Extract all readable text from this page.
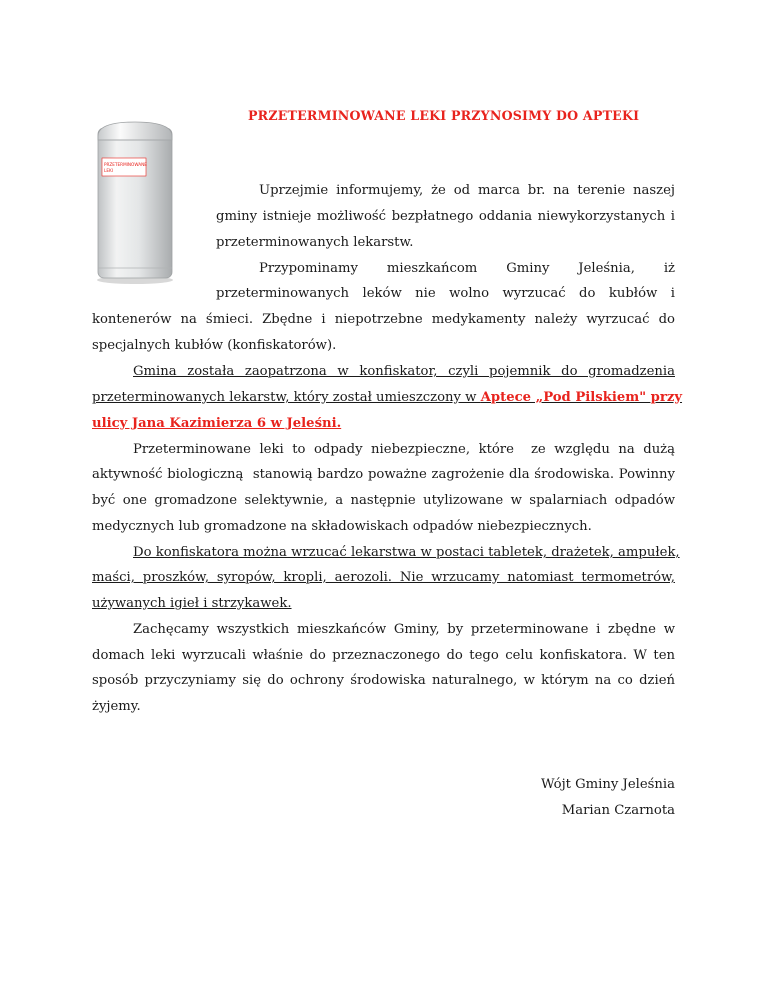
PRZETERMINOWANE LEKI PRZYNOSIMY DO APTEKI
PRZETERMINOWANE
LEKI
Uprzejmie informujemy, że od marca br. na terenie naszej
gminy istnieje możliwość bezpłatnego oddania niewykorzystanych i
przeterminowanych lekarstw.
Przypominamy mieszkańcom Gminy Jeleśnia, iż
przeterminowanych leków nie wolno wyrzucać do kubłów i
kontenerów na śmieci. Zbędne i niepotrzebne medykamenty należy wyrzucać do
specjalnych kubłów (konfiskatorów).
Gmina została zaopatrzona w konfiskator, czyli pojemnik do gromadzenia
przeterminowanych lekarstw, który został umieszczony w Aptece „Pod Pilskiem" przy
ulicy Jana Kazimierza 6 w Jeleśni.
Przeterminowane leki to odpady niebezpieczne, które  ze względu na dużą
aktywność biologiczną  stanowią bardzo poważne zagrożenie dla środowiska. Powinny
być one gromadzone selektywnie, a następnie utylizowane w spalarniach odpadów
medycznych lub gromadzone na składowiskach odpadów niebezpiecznych.
Do konfiskatora można wrzucać lekarstwa w postaci tabletek, drażetek, ampułek,
maści, proszków, syropów, kropli, aerozoli. Nie wrzucamy natomiast termometrów,
używanych igieł i strzykawek.
Zachęcamy wszystkich mieszkańców Gminy, by przeterminowane i zbędne w
domach leki wyrzucali właśnie do przeznaczonego do tego celu konfiskatora. W ten
sposób przyczyniamy się do ochrony środowiska naturalnego, w którym na co dzień
żyjemy.
Wójt Gminy Jeleśnia
Marian Czarnota
